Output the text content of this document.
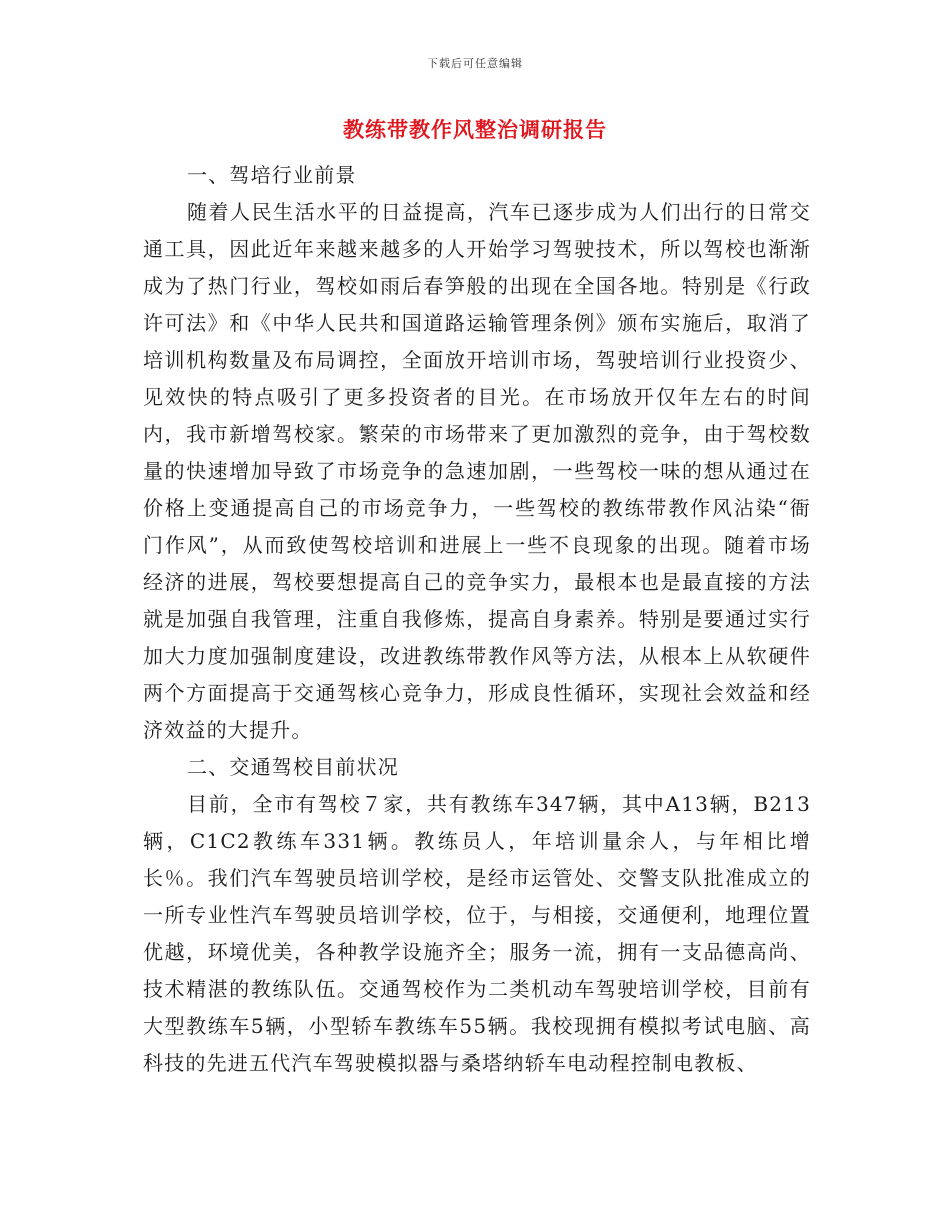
下载后可任意编辑
教练带教作风整治调研报告

一、驾培行业前景

随着人民生活水平的日益提高，汽车已逐步成为人们出行的日常交通工具，因此近年来越来越多的人开始学习驾驶技术，所以驾校也渐渐成为了热门行业，驾校如雨后春笋般的出现在全国各地。特别是《行政许可法》和《中华人民共和国道路运输管理条例》颁布实施后，取消了培训机构数量及布局调控，全面放开培训市场，驾驶培训行业投资少、见效快的特点吸引了更多投资者的目光。在市场放开仅年左右的时间内，我市新增驾校家。繁荣的市场带来了更加激烈的竞争，由于驾校数量的快速增加导致了市场竞争的急速加剧，一些驾校一味的想从通过在价格上变通提高自己的市场竞争力，一些驾校的教练带教作风沾染“衙门作风”，从而致使驾校培训和进展上一些不良现象的出现。随着市场经济的进展，驾校要想提高自己的竞争实力，最根本也是最直接的方法就是加强自我管理，注重自我修炼，提高自身素养。特别是要通过实行加大力度加强制度建设，改进教练带教作风等方法，从根本上从软硬件两个方面提高于交通驾核心竞争力，形成良性循环，实现社会效益和经济效益的大提升。

二、交通驾校目前状况

目前，全市有驾校７家，共有教练车347辆，其中A13辆，B213辆，C1C2教练车331辆。教练员人，年培训量余人，与年相比增长％。我们汽车驾驶员培训学校，是经市运管处、交警支队批准成立的一所专业性汽车驾驶员培训学校，位于，与相接，交通便利，地理位置优越，环境优美，各种教学设施齐全；服务一流，拥有一支品德高尚、技术精湛的教练队伍。交通驾校作为二类机动车驾驶培训学校，目前有大型教练车5辆，小型轿车教练车55辆。我校现拥有模拟考试电脑、高科技的先进五代汽车驾驶模拟器与桑塔纳轿车电动程控制电教板、
